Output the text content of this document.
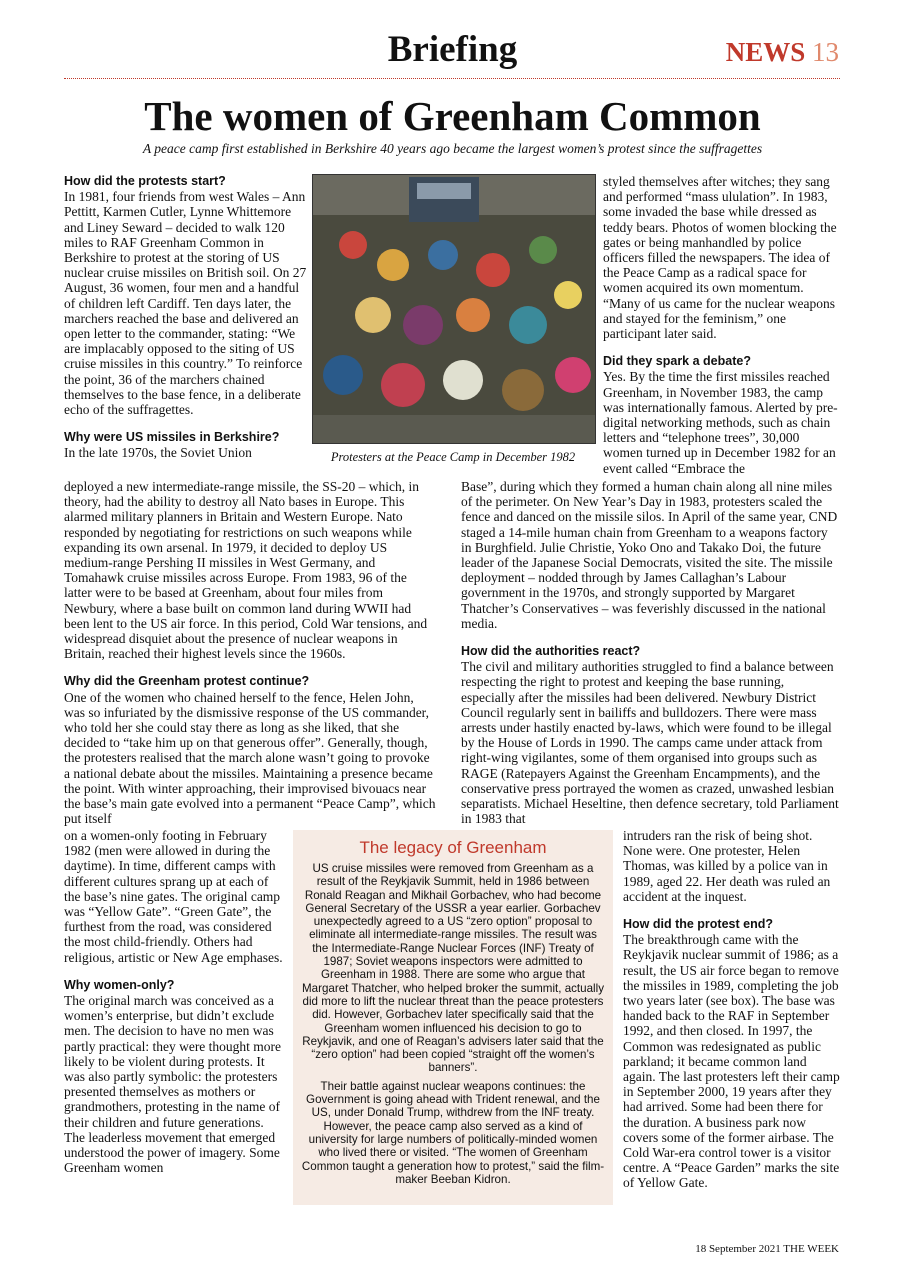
Briefing	NEWS 13
The women of Greenham Common
A peace camp first established in Berkshire 40 years ago became the largest women’s protest since the suffragettes
How did the protests start?

In 1981, four friends from west Wales – Ann Pettitt, Karmen Cutler, Lynne Whittemore and Liney Seward – decided to walk 120 miles to RAF Greenham Common in Berkshire to protest at the storing of US nuclear cruise missiles on British soil. On 27 August, 36 women, four men and a handful of children left Cardiff. Ten days later, the marchers reached the base and delivered an open letter to the commander, stating: “We are implacably opposed to the siting of US cruise missiles in this country.” To reinforce the point, 36 of the marchers chained themselves to the base fence, in a deliberate echo of the suffragettes.

Why were US missiles in Berkshire?

In the late 1970s, the Soviet Union	Protesters at the Peace Camp in December 1982

styled themselves after witches; they sang and performed “mass ululation”. In 1983, some invaded the base while dressed as teddy bears. Photos of women blocking the gates or being manhandled by police officers filled the newspapers. The idea of the Peace Camp as a radical space for women acquired its own momentum. “Many of us came for the nuclear weapons and stayed for the feminism,” one participant later said.

Did they spark a debate?

Yes. By the time the first missiles reached Greenham, in November 1983, the camp was internationally famous. Alerted by pre-digital networking methods, such as chain letters and “telephone trees”, 30,000 women turned up in December 1982 for an event called “Embrace the

deployed a new intermediate-range missile, the SS-20 – which, in theory, had the ability to destroy all Nato bases in Europe. This alarmed military planners in Britain and Western Europe. Nato responded by negotiating for restrictions on such weapons while expanding its own arsenal. In 1979, it decided to deploy US medium-range Pershing II missiles in West Germany, and Tomahawk cruise missiles across Europe. From 1983, 96 of the latter were to be based at Greenham, about four miles from Newbury, where a base built on common land during WWII had been lent to the US air force. In this period, Cold War tensions, and widespread disquiet about the presence of nuclear weapons in Britain, reached their highest levels since the 1960s.

Why did the Greenham protest continue?

One of the women who chained herself to the fence, Helen John, was so infuriated by the dismissive response of the US commander, who told her she could stay there as long as she liked, that she decided to “take him up on that generous offer”. Generally, though, the protesters realised that the march alone wasn’t going to provoke a national debate about the missiles. Maintaining a presence became the point. With winter approaching, their improvised bivouacs near the base’s main gate evolved into a permanent “Peace Camp”, which put itself

Base”, during which they formed a human chain along all nine miles of the perimeter. On New Year’s Day in 1983, protesters scaled the fence and danced on the missile silos. In April of the same year, CND staged a 14-mile human chain from Greenham to a weapons factory in Burghfield. Julie Christie, Yoko Ono and Takako Doi, the future leader of the Japanese Social Democrats, visited the site. The missile deployment – nodded through by James Callaghan’s Labour government in the 1970s, and strongly supported by Margaret Thatcher’s Conservatives – was feverishly discussed in the national media.

How did the authorities react?

The civil and military authorities struggled to find a balance between respecting the right to protest and keeping the base running, especially after the missiles had been delivered. Newbury District Council regularly sent in bailiffs and bulldozers. There were mass arrests under hastily enacted by-laws, which were found to be illegal by the House of Lords in 1990. The camps came under attack from right-wing vigilantes, some of them organised into groups such as RAGE (Ratepayers Against the Greenham Encampments), and the conservative press portrayed the women as crazed, unwashed lesbian separatists. Michael Heseltine, then defence secretary, told Parliament in 1983 that

on a women-only footing in February 1982 (men were allowed in during the daytime). In time, different camps with different cultures sprang up at each of the base’s nine gates. The original camp was “Yellow Gate”. “Green Gate”, the furthest from the road, was considered the most child-friendly. Others had religious, artistic or New Age emphases.

Why women-only?

The original march was conceived as a women’s enterprise, but didn’t exclude men. The decision to have no men was partly practical: they were thought more likely to be violent during protests. It was also partly symbolic: the protesters presented themselves as mothers or grandmothers, protesting in the name of their children and future generations. The leaderless movement that emerged understood the power of imagery. Some Greenham women

The legacy of Greenham

US cruise missiles were removed from Greenham as a result of the Reykjavik Summit, held in 1986 between Ronald Reagan and Mikhail Gorbachev, who had become General Secretary of the USSR a year earlier. Gorbachev unexpectedly agreed to a US “zero option” proposal to eliminate all intermediate-range missiles. The result was the Intermediate-Range Nuclear Forces (INF) Treaty of 1987; Soviet weapons inspectors were admitted to Greenham in 1988. There are some who argue that Margaret Thatcher, who helped broker the summit, actually did more to lift the nuclear threat than the peace protesters did. However, Gorbachev later specifically said that the Greenham women influenced his decision to go to Reykjavik, and one of Reagan’s advisers later said that the “zero option” had been copied “straight off the women’s banners”.

Their battle against nuclear weapons continues: the Government is going ahead with Trident renewal, and the US, under Donald Trump, withdrew from the INF treaty. However, the peace camp also served as a kind of university for large numbers of politically-minded women who lived there or visited. “The women of Greenham Common taught a generation how to protest,” said the film-maker Beeban Kidron.

intruders ran the risk of being shot. None were. One protester, Helen Thomas, was killed by a police van in 1989, aged 22. Her death was ruled an accident at the inquest.

How did the protest end?

The breakthrough came with the Reykjavik nuclear summit of 1986; as a result, the US air force began to remove the missiles in 1989, completing the job two years later (see box). The base was handed back to the RAF in September 1992, and then closed. In 1997, the Common was redesignated as public parkland; it became common land again. The last protesters left their camp in September 2000, 19 years after they had arrived. Some had been there for the duration. A business park now covers some of the former airbase. The Cold War-era control tower is a visitor centre. A “Peace Garden” marks the site of Yellow Gate.

18 September 2021 THE WEEK
